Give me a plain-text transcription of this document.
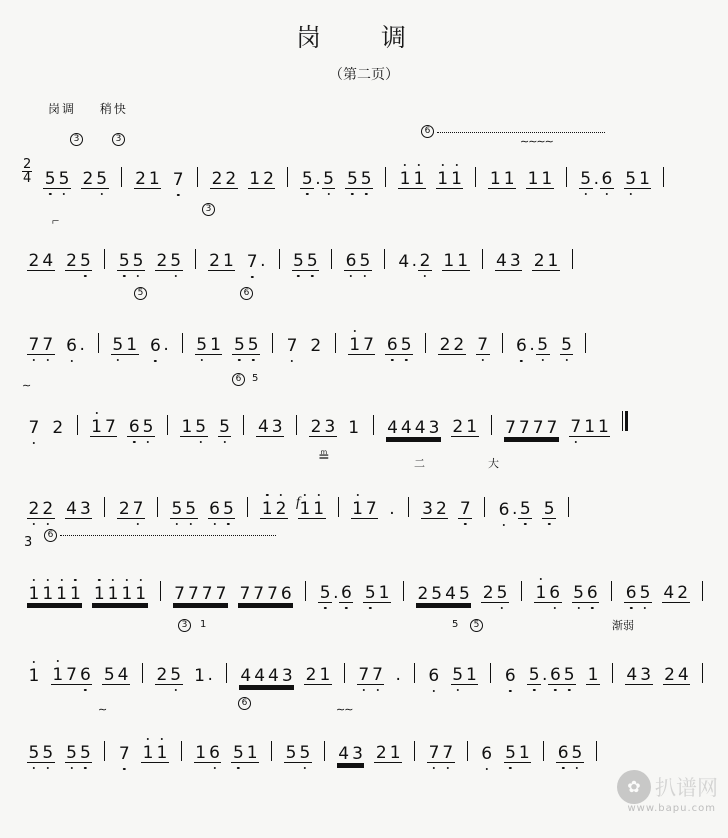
岗 调
（第二页）
岗调 稍快
3	3
6
∼∼∼∼
$\frac{2}{4} 5$ 5 2 5 2 1 7 2 2 1 2 5 . 5 5 5 1 1 1 1 1 1 1 1 5 . 6 5 1
3
⌐
2 4 2 5 5 5 2 5 2 1 7 . 5 5 6 5 4 . 2 1 1 4 3 2 1
5	6
7 7 6 . 5 1 6 . 5 1 5 5 7 2 1 7 6 5 2 2 7 6 . 5 5
∼
6	5
7 2 1 7 6 5 1 5 5 4 3 2 3 1 4 4 4 3 2 1 7 7 7 7 7 1 1
≞	大
二
f
2 2 4 3 2 7 5 5 6 5 1 2 1 1 1 7 . 3 2 7 6 . 5 5
6
3
1 1 1 1 1 1 1 1 7 7 7 7 7 7 7 6 5 . 6 5 1 2 5 4 5 2 5 1 6 5 6 6 5 4 2
3	1	5
5	渐弱
1 1 7 6 5 4 2 5 1 . 4 4 4 3 2 1 7 7 . 6 5 1 6 5 . 6 5 1 4 3 2 4
∼
6
∼∼
5 5 5 5 7 1 1 1 6 5 1 5 5 4 3 2 1 7 7 6 5 1 6 5
✿ 扒谱网
www.bapu.com
